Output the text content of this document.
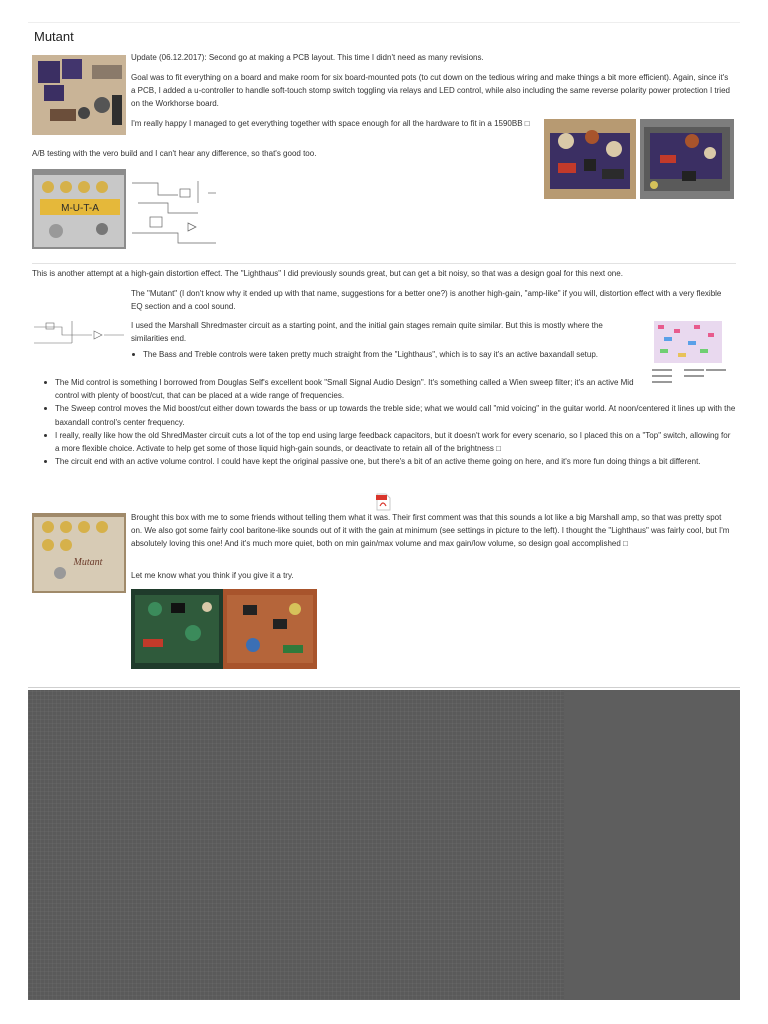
Mutant

Update (06.12.2017): Second go at making a PCB layout. This time I didn't need as many revisions.

Goal was to fit everything on a board and make room for six board-mounted pots (to cut down on the tedious wiring and make things a bit more efficient). Again, since it's a PCB, I added a u-controller to handle soft-touch stomp switch toggling via relays and LED control, while also including the same reverse polarity power protection I tried on the Workhorse board.

I'm really happy I managed to get everything together with space enough for all the hardware to fit in a 1590BB □

A/B testing with the vero build and I can't hear any difference, so that's good too.

M-U-T-A

This is another attempt at a high-gain distortion effect. The "Lighthaus" I did previously sounds great, but can get a bit noisy, so that was a design goal for this next one.

The "Mutant" (I don't know why it ended up with that name, suggestions for a better one?) is another high-gain, "amp-like" if you will, distortion effect with a very flexible EQ section and a cool sound.

I used the Marshall Shredmaster circuit as a starting point, and the initial gain stages remain quite similar. But this is mostly where the similarities end.

The Bass and Treble controls were taken pretty much straight from the "Lighthaus", which is to say it's an active baxandall setup.
The Mid control is something I borrowed from Douglas Self's excellent book "Small Signal Audio Design". It's something called a Wien sweep filter; it's an active Mid control with plenty of boost/cut, that can be placed at a wide range of frequencies.
The Sweep control moves the Mid boost/cut either down towards the bass or up towards the treble side; what we would call "mid voicing" in the guitar world. At noon/centered it lines up with the baxandall control's center frequency.
I really, really like how the old ShredMaster circuit cuts a lot of the top end using large feedback capacitors, but it doesn't work for every scenario, so I placed this on a "Top" switch, allowing for a more flexible choice. Activate to help get some of those liquid high-gain sounds, or deactivate to retain all of the brightness □
The circuit end with an active volume control. I could have kept the original passive one, but there's a bit of an active theme going on here, and it's more fun doing things a bit different.
Mutant

Brought this box with me to some friends without telling them what it was. Their first comment was that this sounds a lot like a big Marshall amp, so that was pretty spot on. We also got some fairly cool baritone-like sounds out of it with the gain at minimum (see settings in picture to the left). I thought the "Lighthaus" was fairly cool, but I'm absolutely loving this one! And it's much more quiet, both on min gain/max volume and max gain/low volume, so design goal accomplished □

Let me know what you think if you give it a try.
